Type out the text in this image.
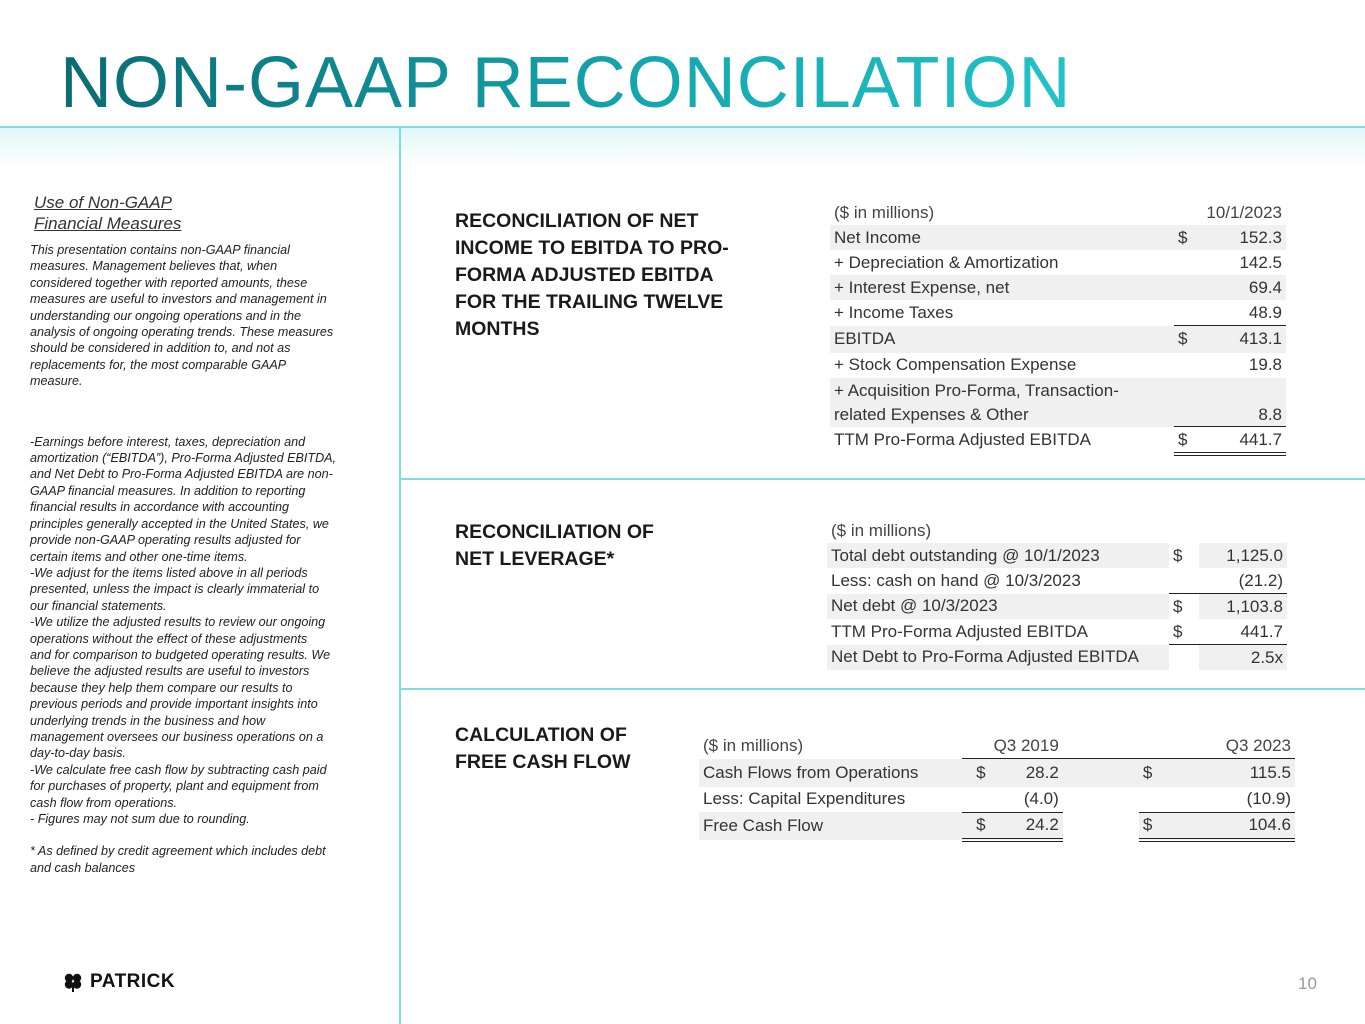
NON-GAAP RECONCILATION
Use of Non-GAAP
Financial Measures
This presentation contains non-GAAP financial
measures. Management believes that, when
considered together with reported amounts, these
measures are useful to investors and management in
understanding our ongoing operations and in the
analysis of ongoing operating trends. These measures
should be considered in addition to, and not as
replacements for, the most comparable GAAP
measure.
-Earnings before interest, taxes, depreciation and
amortization (“EBITDA”), Pro-Forma Adjusted EBITDA,
and Net Debt to Pro-Forma Adjusted EBITDA are non-
GAAP financial measures. In addition to reporting
financial results in accordance with accounting
principles generally accepted in the United States, we
provide non-GAAP operating results adjusted for
certain items and other one-time items.
-We adjust for the items listed above in all periods
presented, unless the impact is clearly immaterial to
our financial statements.
-We utilize the adjusted results to review our ongoing
operations without the effect of these adjustments
and for comparison to budgeted operating results. We
believe the adjusted results are useful to investors
because they help them compare our results to
previous periods and provide important insights into
underlying trends in the business and how
management oversees our business operations on a
day-to-day basis.
-We calculate free cash flow by subtracting cash paid
for purchases of property, plant and equipment from
cash flow from operations.
- Figures may not sum due to rounding.
* As defined by credit agreement which includes debt
and cash balances
RECONCILIATION OF NET
INCOME TO EBITDA TO PRO-
FORMA ADJUSTED EBITDA
FOR THE TRAILING TWELVE
MONTHS
($ in millions)		10/1/2023
Net Income	$	152.3
+ Depreciation & Amortization		142.5
+ Interest Expense, net		69.4
+ Income Taxes		48.9
EBITDA	$	413.1
+ Stock Compensation Expense		19.8

+ Acquisition Pro-Forma, Transaction-
related Expenses & Other		8.8
TTM Pro-Forma Adjusted EBITDA	$	441.7
RECONCILIATION OF
NET LEVERAGE*
($ in millions)		
Total debt outstanding @ 10/1/2023	$	1,125.0
Less: cash on hand @ 10/3/2023		(21.2)
Net debt @ 10/3/2023	$	1,103.8
TTM Pro-Forma Adjusted EBITDA	$	441.7
Net Debt to Pro-Forma Adjusted EBITDA		2.5x
CALCULATION OF
FREE CASH FLOW
($ in millions)		Q3 2019			Q3 2023
Cash Flows from Operations	$	28.2		$	115.5
Less: Capital Expenditures		(4.0)			(10.9)
Free Cash Flow	$	24.2		$	104.6
PATRICK	10
